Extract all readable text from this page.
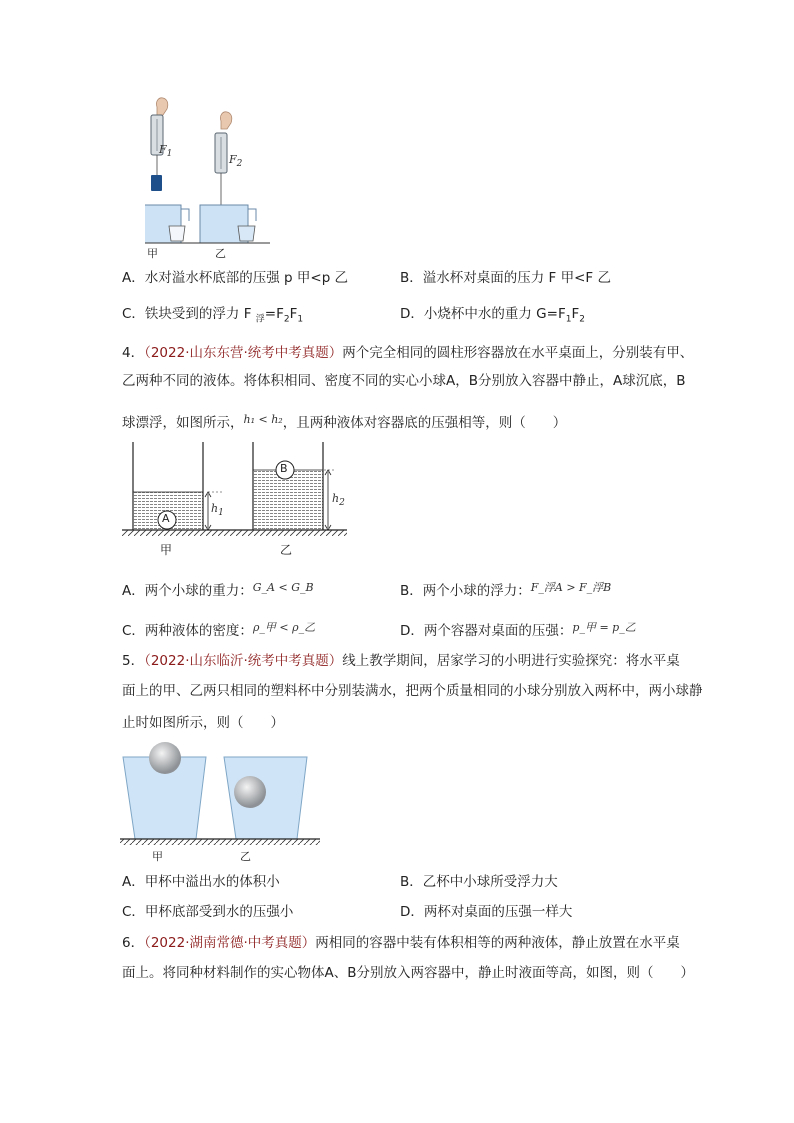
$F_1$	$F_2$
甲	乙
A．水对溢水杯底部的压强 p 甲<p 乙	B．溢水杯对桌面的压力 F 甲<F 乙
C．铁块受到的浮力 F $_浮=F_2F_1$	D．小烧杯中水的重力 $G=F_1F_2$
4．（2022·山东东营·统考中考真题）两个完全相同的圆柱形容器放在水平桌面上，分别装有甲、
乙两种不同的液体。将体积相同、密度不同的实心小球A，B分别放入容器中静止，A球沉底，B
球漂浮，如图所示，$^{h_1 < h_2}$，且两种液体对容器底的压强相等，则（　　）
A
B
$h_1$
$h_2$
甲	乙
A．两个小球的重力：$^{G\_A < G\_B}$	B．两个小球的浮力：$^{F\_浮A > F\_浮B}$
C．两种液体的密度：$^{\rho\_甲 < \rho\_乙}$	D．两个容器对桌面的压强：$^{p\_甲 = p\_乙}$
5．（2022·山东临沂·统考中考真题）线上教学期间，居家学习的小明进行实验探究：将水平桌
面上的甲、乙两只相同的塑料杯中分别装满水，把两个质量相同的小球分别放入两杯中，两小球静
止时如图所示，则（　　）
甲	乙
A．甲杯中溢出水的体积小	B．乙杯中小球所受浮力大
C．甲杯底部受到水的压强小	D．两杯对桌面的压强一样大
6．（2022·湖南常德·中考真题）两相同的容器中装有体积相等的两种液体，静止放置在水平桌
面上。将同种材料制作的实心物体A、B分别放入两容器中，静止时液面等高，如图，则（　　）
